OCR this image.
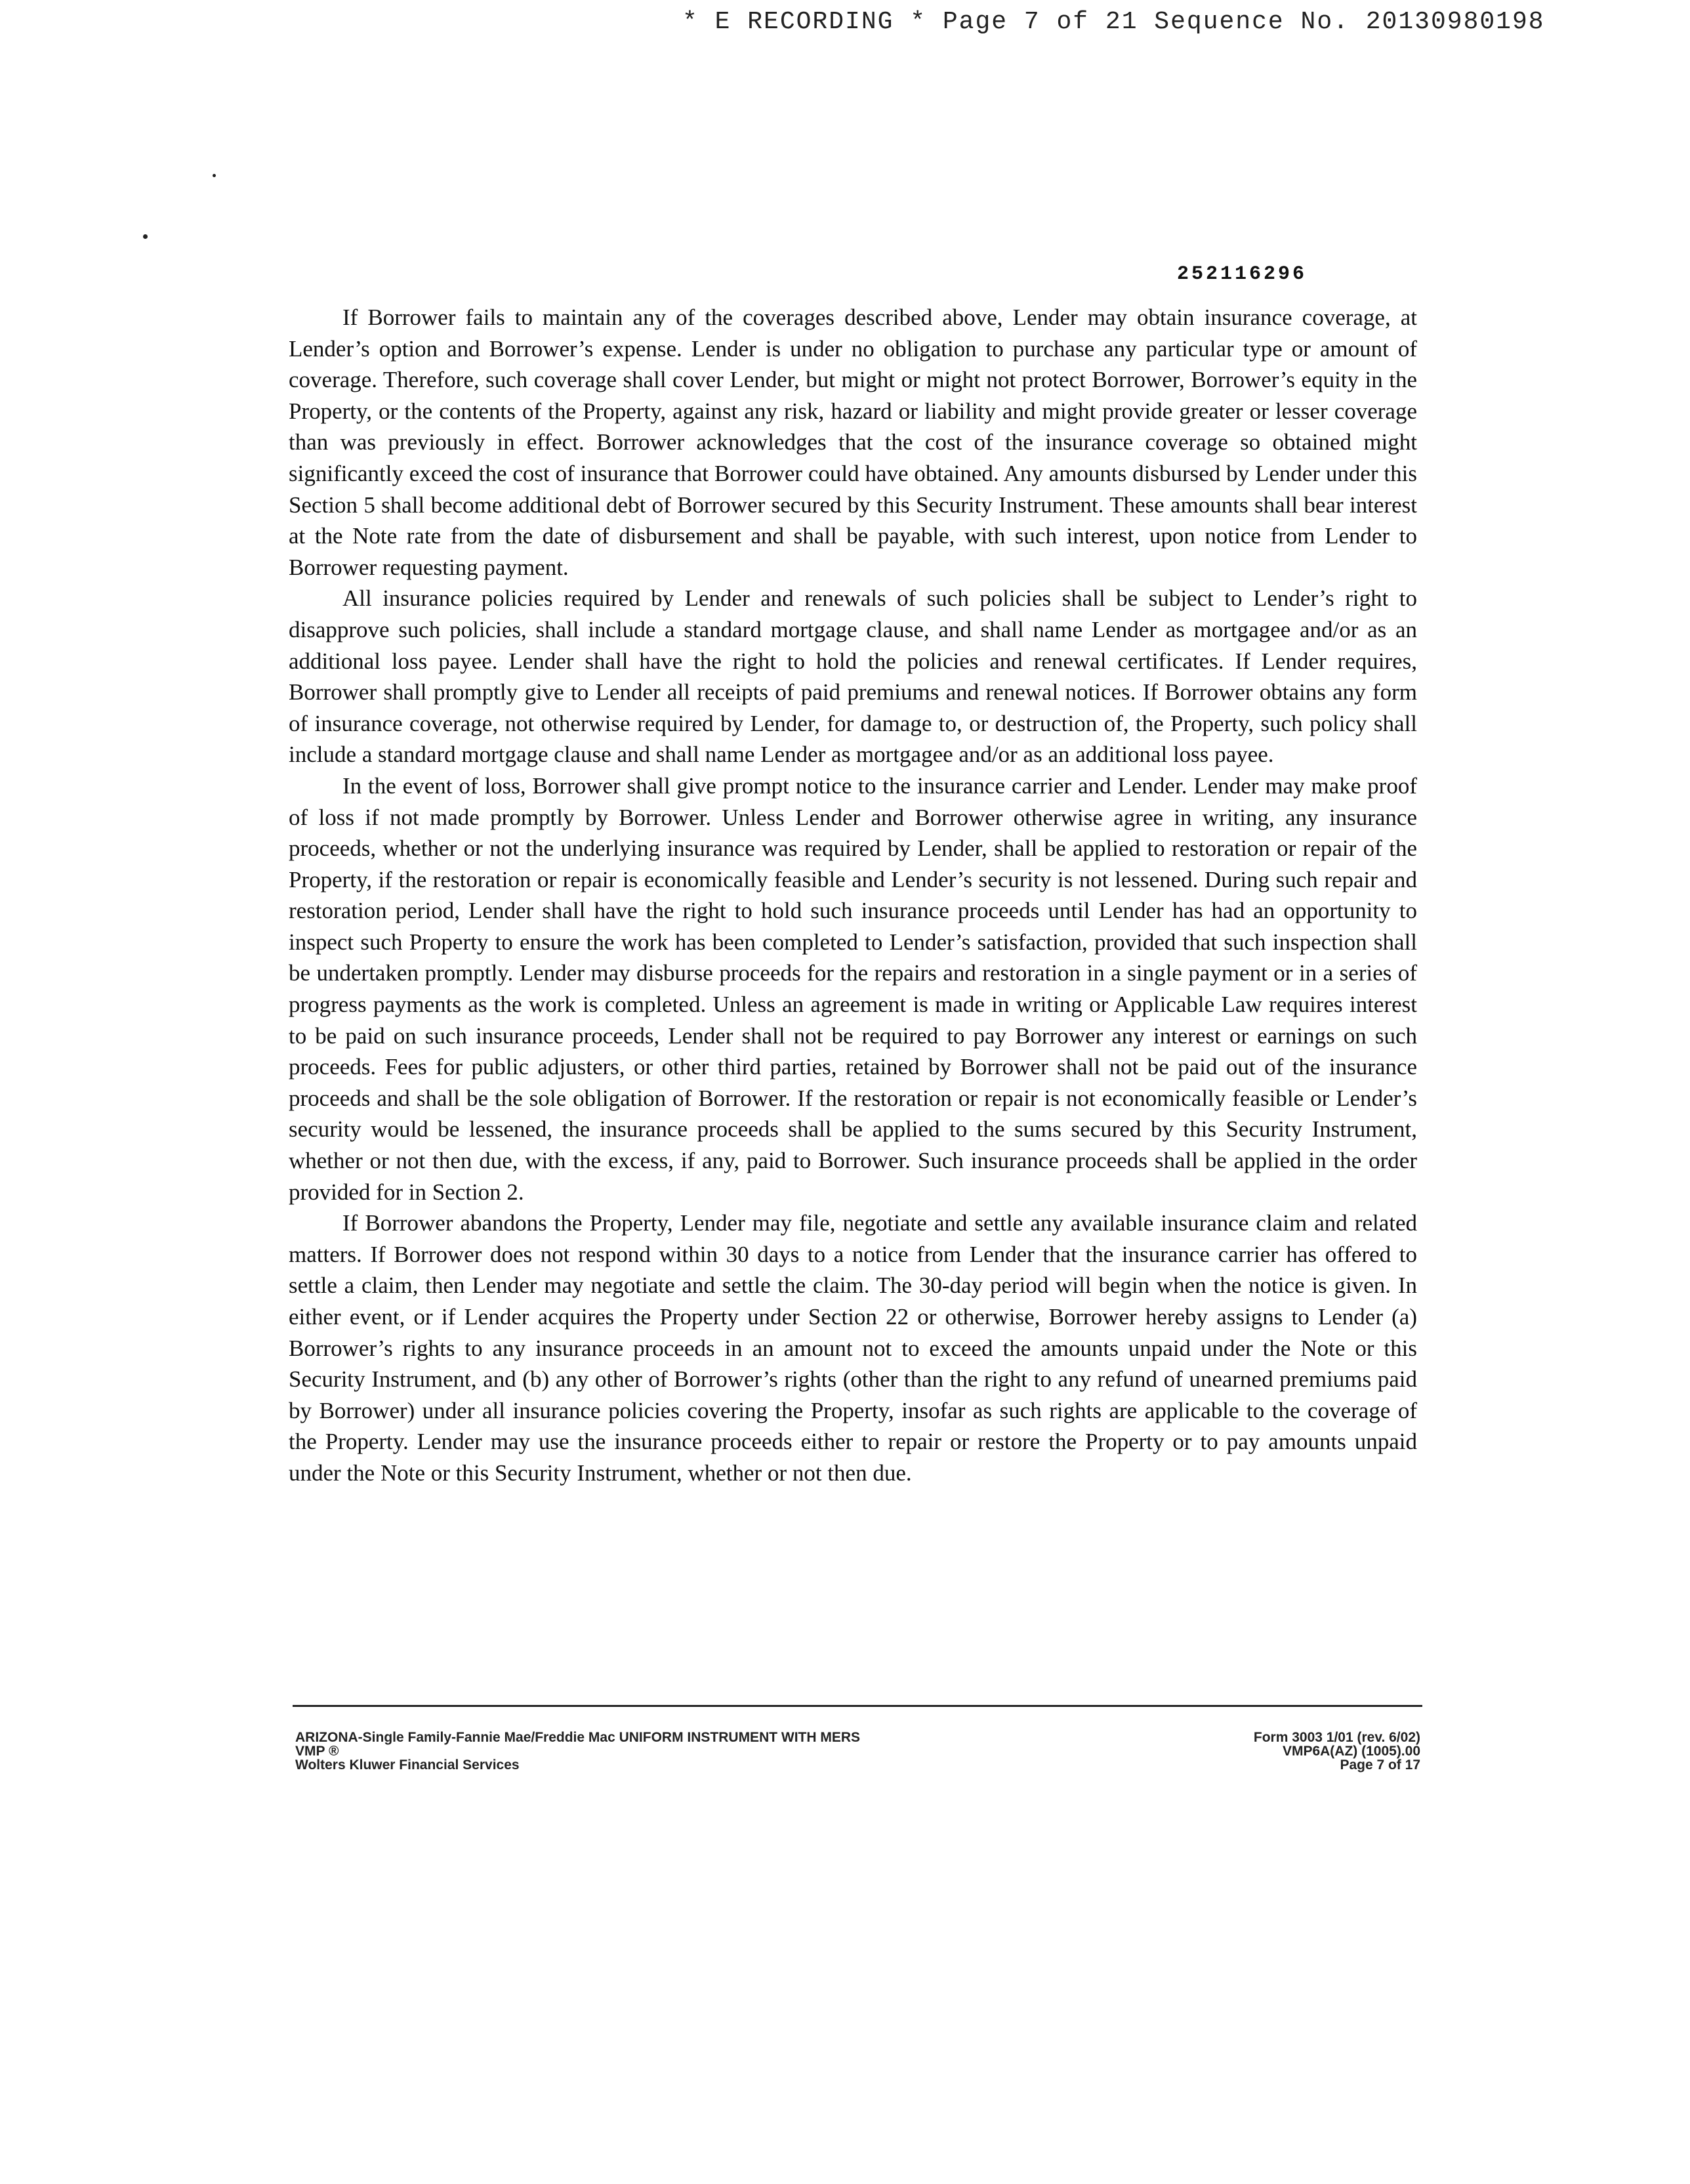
* E RECORDING * Page 7 of 21 Sequence No. 20130980198
252116296

If Borrower fails to maintain any of the coverages described above, Lender may obtain insurance coverage, at Lender’s option and Borrower’s expense. Lender is under no obligation to purchase any particular type or amount of coverage. Therefore, such coverage shall cover Lender, but might or might not protect Borrower, Borrower’s equity in the Property, or the contents of the Property, against any risk, hazard or liability and might provide greater or lesser coverage than was previously in effect. Borrower acknowledges that the cost of the insurance coverage so obtained might significantly exceed the cost of insurance that Borrower could have obtained. Any amounts disbursed by Lender under this Section 5 shall become additional debt of Borrower secured by this Security Instrument. These amounts shall bear interest at the Note rate from the date of disbursement and shall be payable, with such interest, upon notice from Lender to Borrower requesting payment.

All insurance policies required by Lender and renewals of such policies shall be subject to Lender’s right to disapprove such policies, shall include a standard mortgage clause, and shall name Lender as mortgagee and/or as an additional loss payee. Lender shall have the right to hold the policies and renewal certificates. If Lender requires, Borrower shall promptly give to Lender all receipts of paid premiums and renewal notices. If Borrower obtains any form of insurance coverage, not otherwise required by Lender, for damage to, or destruction of, the Property, such policy shall include a standard mortgage clause and shall name Lender as mortgagee and/or as an additional loss payee.

In the event of loss, Borrower shall give prompt notice to the insurance carrier and Lender. Lender may make proof of loss if not made promptly by Borrower. Unless Lender and Borrower otherwise agree in writing, any insurance proceeds, whether or not the underlying insurance was required by Lender, shall be applied to restoration or repair of the Property, if the restoration or repair is economically feasible and Lender’s security is not lessened. During such repair and restoration period, Lender shall have the right to hold such insurance proceeds until Lender has had an opportunity to inspect such Property to ensure the work has been completed to Lender’s satisfaction, provided that such inspection shall be undertaken promptly. Lender may disburse proceeds for the repairs and restoration in a single payment or in a series of progress payments as the work is completed. Unless an agreement is made in writing or Applicable Law requires interest to be paid on such insurance proceeds, Lender shall not be required to pay Borrower any interest or earnings on such proceeds. Fees for public adjusters, or other third parties, retained by Borrower shall not be paid out of the insurance proceeds and shall be the sole obligation of Borrower. If the restoration or repair is not economically feasible or Lender’s security would be lessened, the insurance proceeds shall be applied to the sums secured by this Security Instrument, whether or not then due, with the excess, if any, paid to Borrower. Such insurance proceeds shall be applied in the order provided for in Section 2.

If Borrower abandons the Property, Lender may file, negotiate and settle any available insurance claim and related matters. If Borrower does not respond within 30 days to a notice from Lender that the insurance carrier has offered to settle a claim, then Lender may negotiate and settle the claim. The 30-day period will begin when the notice is given. In either event, or if Lender acquires the Property under Section 22 or otherwise, Borrower hereby assigns to Lender (a) Borrower’s rights to any insurance proceeds in an amount not to exceed the amounts unpaid under the Note or this Security Instrument, and (b) any other of Borrower’s rights (other than the right to any refund of unearned premiums paid by Borrower) under all insurance policies covering the Property, insofar as such rights are applicable to the coverage of the Property. Lender may use the insurance proceeds either to repair or restore the Property or to pay amounts unpaid under the Note or this Security Instrument, whether or not then due.

ARIZONA-Single Family-Fannie Mae/Freddie Mac UNIFORM INSTRUMENT WITH MERS
VMP ®
Wolters Kluwer Financial Services
Form 3003 1/01 (rev. 6/02)
VMP6A(AZ) (1005).00
Page 7 of 17
